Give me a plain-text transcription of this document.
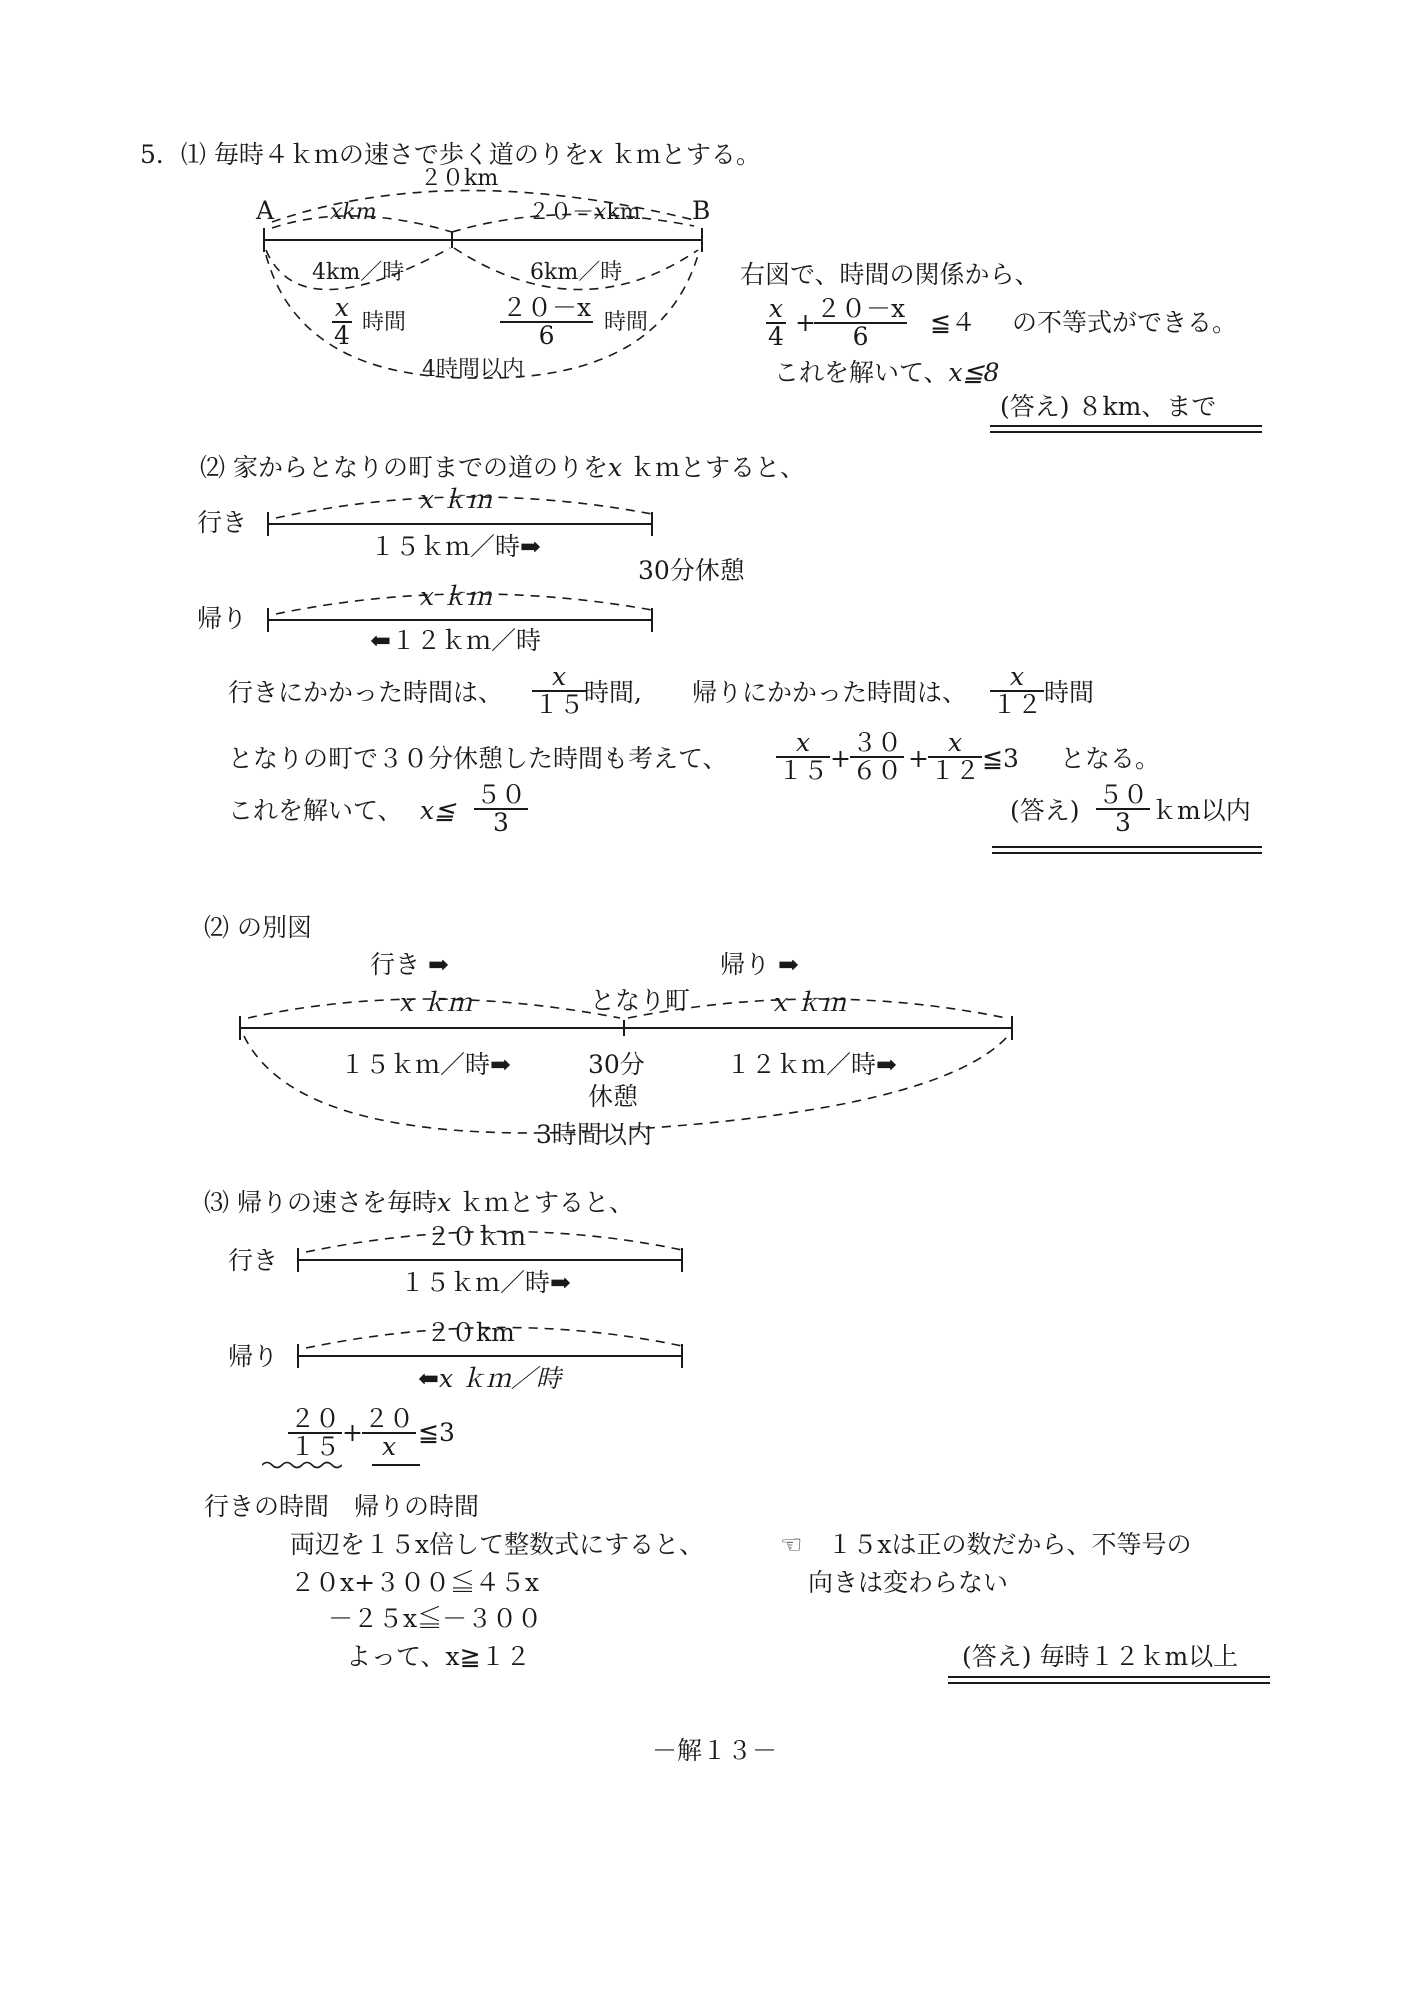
5．⑴ 毎時４ｋｍの速さで歩く道のりをx ｋｍとする。
２０km
A	B
xkm	２０－xkm
4km／時	6km／時
$\frac{x}{4}$ 時間	$\frac{20-x}{6}$ 時間
4時間以内
右図で、時間の関係から、
$\frac{x}{4}$ +
$\frac{20-x}{6}$ ≦４ の不等式ができる。
これを解いて、x≦8
(答え) ８km、まで
⑵ 家からとなりの町までの道のりをx ｋｍとすると、
行き
x ｋｍ
１５ｋｍ／時➡
30分休憩
帰り
x ｋｍ
⬅１２ｋｍ／時
行きにかかった時間は、
x
１５ 時間, 帰りにかかった時間は、
x
１２ 時間
となりの町で３０分休憩した時間も考えて、
x
１５ +
３０
６０ +
x
１２ ≦3 となる。
これを解いて、 x≦
５０
3	(答え)
５０
3 ｋm以内
⑵ の別図
行き ➡	帰り ➡
x ｋｍ	となり町	x ｋｍ
１５ｋｍ／時➡	30分
休憩
１２ｋｍ／時➡
3時間以内
⑶ 帰りの速さを毎時x ｋｍとすると、
行き
２０ｋｍ
１５ｋｍ／時➡
帰り
２０km
⬅x ｋｍ／時
２０
１５ + ２０
x ≦3
行きの時間　帰りの時間
両辺を１５x倍して整数式にすると、	☜　１５xは正の数だから、不等号の
向きは変わらない
２０x+３００≦４５x
－２５x≦－３００
よって、x≧１２	(答え) 毎時１２ｋm以上
－解１３－
